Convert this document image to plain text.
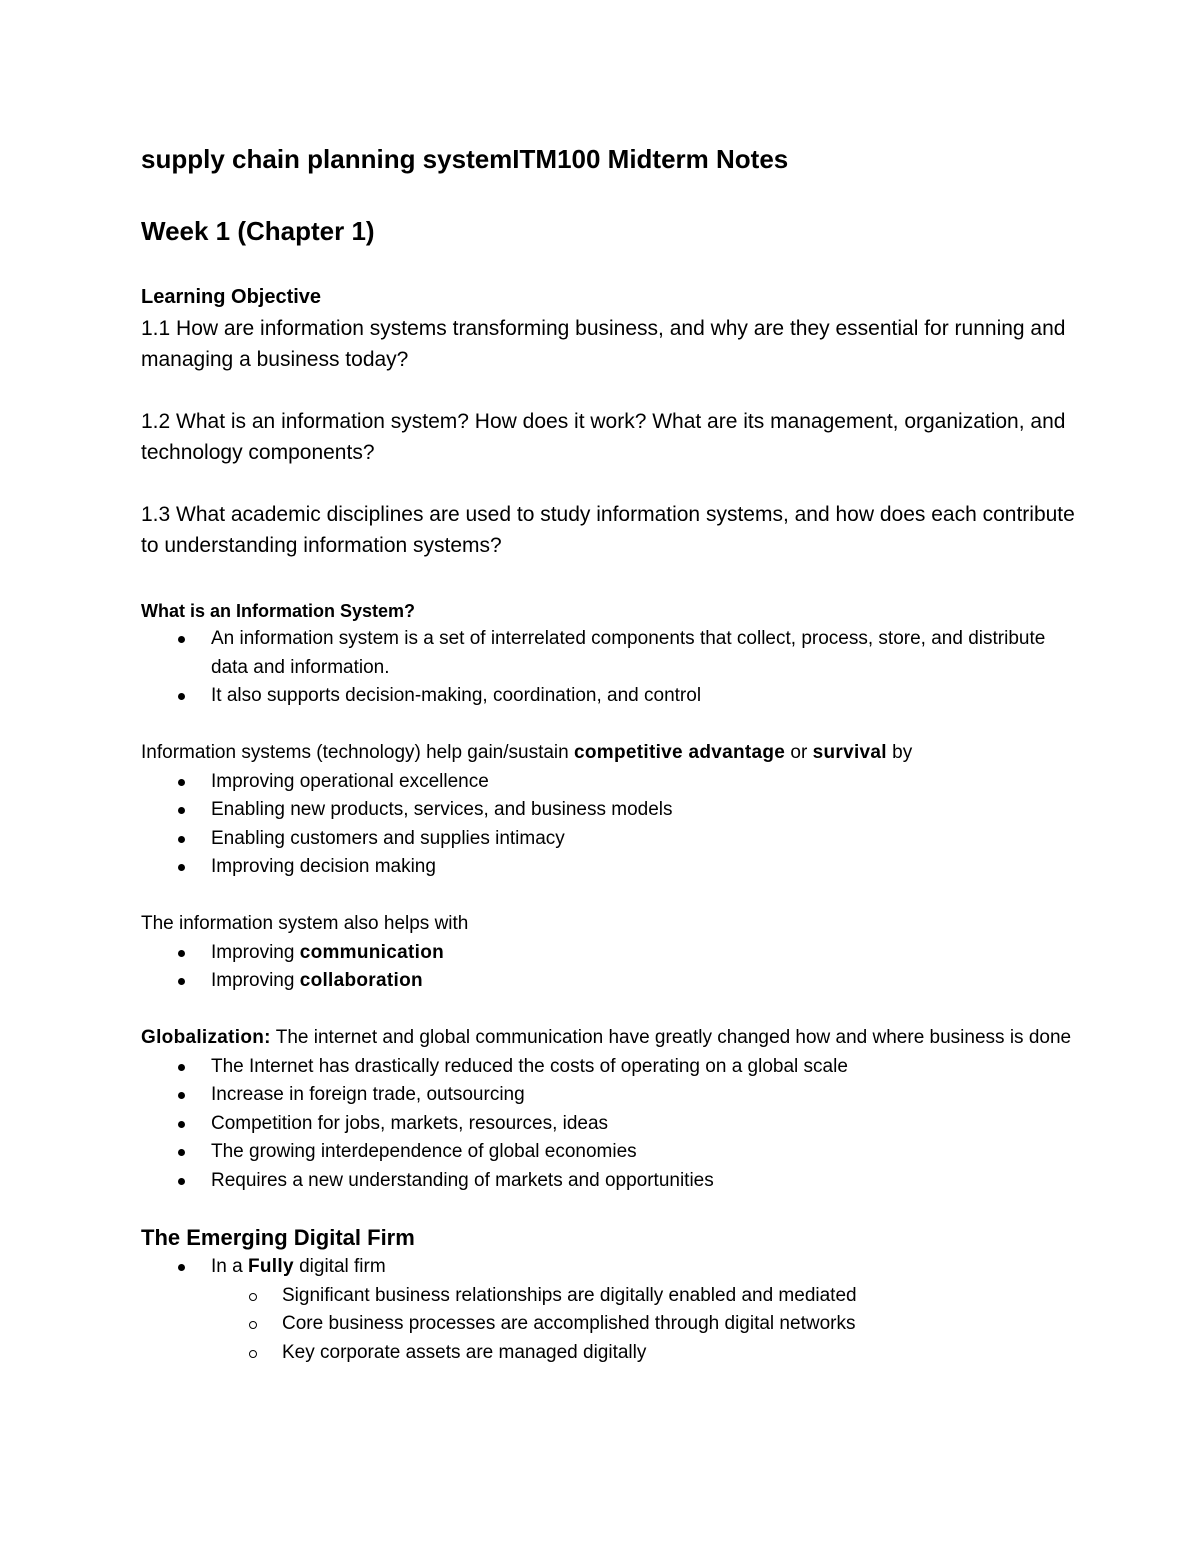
supply chain planning systemITM100 Midterm Notes
Week 1 (Chapter 1)
Learning Objective

1.1 How are information systems transforming business, and why are they essential for running and managing a business today?

1.2 What is an information system? How does it work? What are its management, organization, and technology components?

1.3 What academic disciplines are used to study information systems, and how does each contribute to understanding information systems?

What is an Information System?
An information system is a set of interrelated components that collect, process, store, and distribute data and information.
It also supports decision-making, coordination, and control

Information systems (technology) help gain/sustain competitive advantage or survival by

Improving operational excellence
Enabling new products, services, and business models
Enabling customers and supplies intimacy
Improving decision making

The information system also helps with

Improving communication
Improving collaboration

Globalization: The internet and global communication have greatly changed how and where business is done

The Internet has drastically reduced the costs of operating on a global scale
Increase in foreign trade, outsourcing
Competition for jobs, markets, resources, ideas
The growing interdependence of global economies
Requires a new understanding of markets and opportunities
The Emerging Digital Firm
In a Fully digital firm
Significant business relationships are digitally enabled and mediated
Core business processes are accomplished through digital networks
Key corporate assets are managed digitally
